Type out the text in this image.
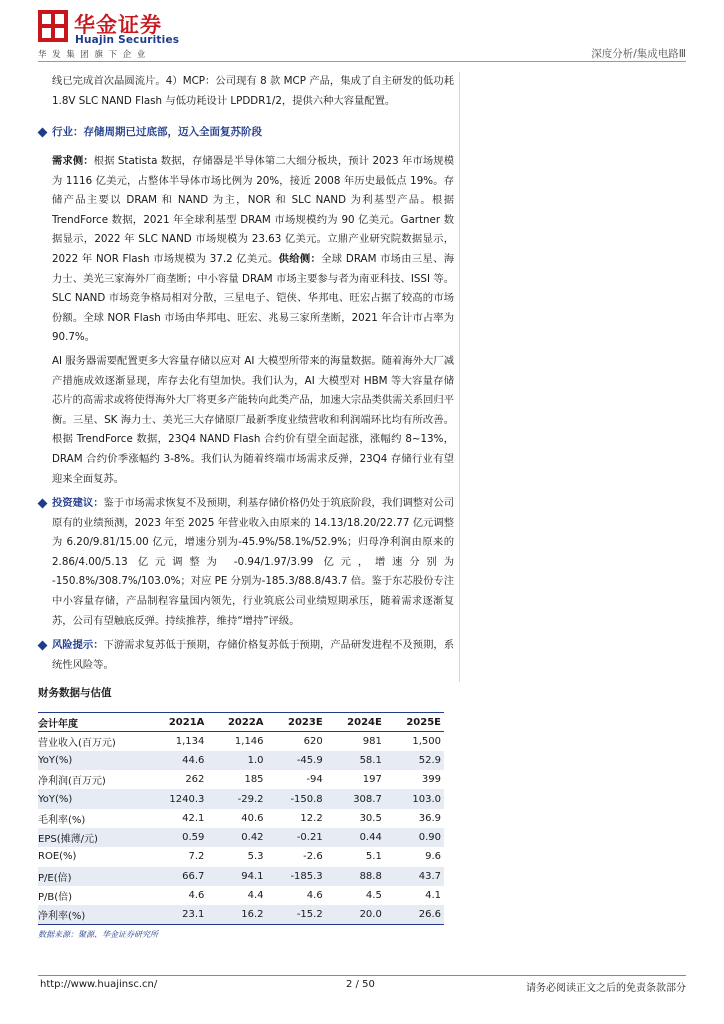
华金证券
Huajin Securities
华发集团旗下企业	深度分析/集成电路Ⅲ

线已完成首次晶圆流片。4）MCP：公司现有 8 款 MCP 产品，集成了自主研发的低功耗 1.8V SLC NAND Flash 与低功耗设计 LPDDR1/2，提供六种大容量配置。

行业：存储周期已过底部，迈入全面复苏阶段

需求侧：根据 Statista 数据，存储器是半导体第二大细分板块，预计 2023 年市场规模为 1116 亿美元，占整体半导体市场比例为 20%，接近 2008 年历史最低点 19%。存储产品主要以 DRAM 和 NAND 为主，NOR 和 SLC NAND 为利基型产品。根据 TrendForce 数据，2021 年全球利基型 DRAM 市场规模约为 90 亿美元。Gartner 数据显示，2022 年 SLC NAND 市场规模为 23.63 亿美元。立鼎产业研究院数据显示，2022 年 NOR Flash 市场规模为 37.2 亿美元。供给侧：全球 DRAM 市场由三星、海力士、美光三家海外厂商垄断；中小容量 DRAM 市场主要参与者为南亚科技、ISSI 等。SLC NAND 市场竞争格局相对分散，三星电子、铠侠、华邦电、旺宏占据了较高的市场份额。全球 NOR Flash 市场由华邦电、旺宏、兆易三家所垄断，2021 年合计市占率为 90.7%。

AI 服务器需要配置更多大容量存储以应对 AI 大模型所带来的海量数据。随着海外大厂减产措施成效逐渐显现，库存去化有望加快。我们认为，AI 大模型对 HBM 等大容量存储芯片的高需求或将使得海外大厂将更多产能转向此类产品，加速大宗品类供需关系回归平衡。三星、SK 海力士、美光三大存储原厂最新季度业绩营收和利润端环比均有所改善。根据 TrendForce 数据，23Q4 NAND Flash 合约价有望全面起涨，涨幅约 8~13%，DRAM 合约价季涨幅约 3-8%。我们认为随着终端市场需求反弹，23Q4 存储行业有望迎来全面复苏。

投资建议：鉴于市场需求恢复不及预期，利基存储价格仍处于筑底阶段，我们调整对公司原有的业绩预测，2023 年至 2025 年营业收入由原来的 14.13/18.20/22.77 亿元调整为 6.20/9.81/15.00 亿元，增速分别为-45.9%/58.1%/52.9%；归母净利润由原来的 2.86/4.00/5.13 亿元调整为 -0.94/1.97/3.99 亿元，增速分别为 -150.8%/308.7%/103.0%；对应 PE 分别为-185.3/88.8/43.7 倍。鉴于东芯股份专注中小容量存储，产品制程容量国内领先，行业筑底公司业绩短期承压，随着需求逐渐复苏，公司有望触底反弹。持续推荐，维持“增持”评级。
风险提示：下游需求复苏低于预期，存储价格复苏低于预期，产品研发进程不及预期，系统性风险等。
财务数据与估值
会计年度	2021A	2022A	2023E	2024E	2025E
营业收入(百万元)	1,134	1,146	620	981	1,500
YoY(%)	44.6	1.0	-45.9	58.1	52.9
净利润(百万元)	262	185	-94	197	399
YoY(%)	1240.3	-29.2	-150.8	308.7	103.0
毛利率(%)	42.1	40.6	12.2	30.5	36.9
EPS(摊薄/元)	0.59	0.42	-0.21	0.44	0.90
ROE(%)	7.2	5.3	-2.6	5.1	9.6
P/E(倍)	66.7	94.1	-185.3	88.8	43.7
P/B(倍)	4.6	4.4	4.6	4.5	4.1
净利率(%)	23.1	16.2	-15.2	20.0	26.6
数据来源：聚源、华金证券研究所
http://www.huajinsc.cn/	2 / 50	请务必阅读正文之后的免责条款部分
